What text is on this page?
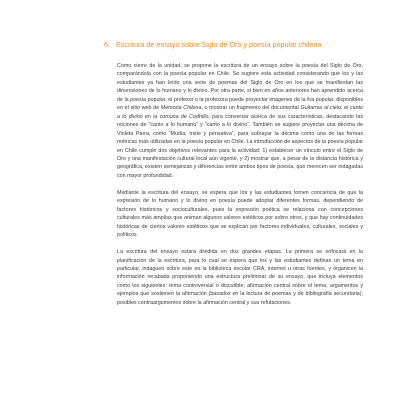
6. Escritura de ensayo sobre Siglo de Oro y poesía popular chilena

Como cierre de la unidad, se propone la escritura de un ensayo sobre la poesía del Siglo de Oro, comparándola con la poesía popular en Chile. Se sugiere esta actividad considerando que los y las estudiantes ya han leído una serie de poemas del Siglo de Oro en los que se manifiestan las dimensiones de lo humano y lo divino. Por otra parte, si bien en años anteriores han aprendido acerca de la poesía popular, el profesor o la profesora puede proyectar imágenes de la lira popular, disponibles en el sitio web de Memoria Chilena, o mostrar un fragmento del documental Guitarras al cielo: el canto a lo divino en la comuna de Codhillo, para conversar acerca de sus características, destacando las nociones de “canto a lo humano” y “canto a lo divino”. También se sugiere proyectar una décima de Violeta Parra, como “Mudia, triste y pensativa”, para subrayar la décima como una de las formas métricas más utilizadas en la poesía popular en Chile. La introducción de aspectos de la poesía popular en Chile cumple dos objetivos relevantes para la actividad: 1) establecer un vínculo entre el Siglo de Oro y una manifestación cultural local aún vigente, y 2) mostrar que, a pesar de la distancia histórica y geográfica, existen semejanzas y diferencias entre ambos tipos de poesía, que merecen ser indagadas con mayor profundidad.

Mediante la escritura del ensayo, se espera que los y las estudiantes tomen conciencia de que la expresión de lo humano y lo divino en poesía puede adoptar diferentes formas, dependiendo de factores históricos y socioculturales, pues la expresión poética se relaciona con concepciones culturales más amplias que animan algunos valores estéticos por sobre otros, y que hay continuidades históricas de ciertos valores estéticos que se explican por factores individuales, culturales, sociales y políticos.

La escritura del ensayo estará dividida en dos grandes etapas. La primera se enfocará en la planificación de la escritura, para lo cual se espera que los y las estudiantes definan un tema en particular, indaguen sobre este en la biblioteca escolar CRA, internet u otras fuentes, y organicen la información recabada proponiendo una estructura preliminar de su ensayo, que incluya elementos como los siguientes: tema controversial o discutible; afirmación central sobre el tema; argumentos y ejemplos que sostienen la afirmación (basados en la lectura de poemas y de bibliografía secundaria); posibles contraargumentos sobre la afirmación central y sus refutaciones.
